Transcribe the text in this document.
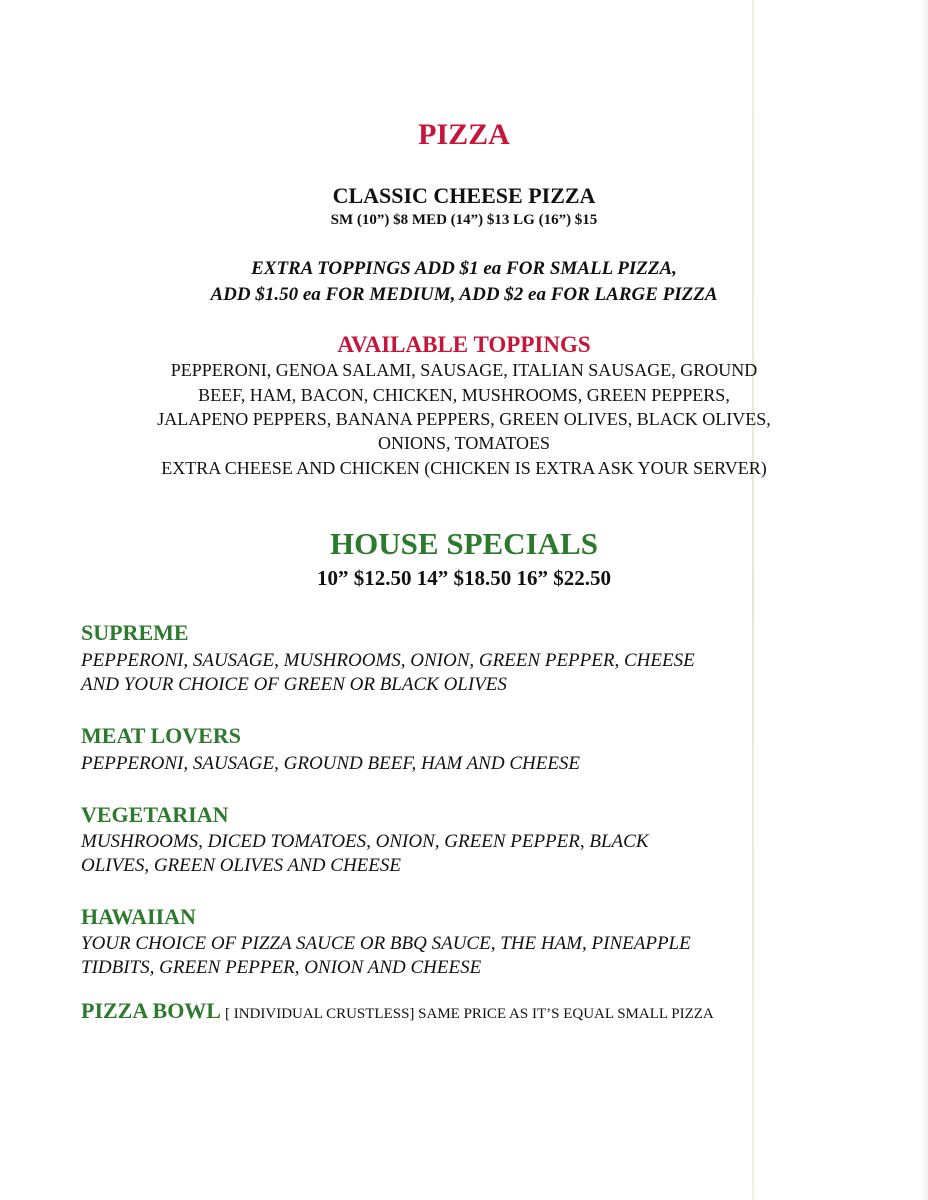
PIZZA

CLASSIC CHEESE PIZZA

SM (10”) $8 MED (14”) $13 LG (16”) $15

EXTRA TOPPINGS ADD $1 ea FOR SMALL PIZZA,

ADD $1.50 ea FOR MEDIUM, ADD $2 ea FOR LARGE PIZZA

AVAILABLE TOPPINGS

PEPPERONI, GENOA SALAMI, SAUSAGE, ITALIAN SAUSAGE, GROUND

BEEF, HAM, BACON, CHICKEN, MUSHROOMS, GREEN PEPPERS,

JALAPENO PEPPERS, BANANA PEPPERS, GREEN OLIVES, BLACK OLIVES,

ONIONS, TOMATOES

EXTRA CHEESE AND CHICKEN (CHICKEN IS EXTRA ASK YOUR SERVER)

HOUSE SPECIALS

10” $12.50 14” $18.50 16” $22.50

SUPREME

PEPPERONI, SAUSAGE, MUSHROOMS, ONION, GREEN PEPPER, CHEESE

AND YOUR CHOICE OF GREEN OR BLACK OLIVES

MEAT LOVERS

PEPPERONI, SAUSAGE, GROUND BEEF, HAM AND CHEESE

VEGETARIAN

MUSHROOMS, DICED TOMATOES, ONION, GREEN PEPPER, BLACK

OLIVES, GREEN OLIVES AND CHEESE

HAWAIIAN

YOUR CHOICE OF PIZZA SAUCE OR BBQ SAUCE, THE HAM, PINEAPPLE

TIDBITS, GREEN PEPPER, ONION AND CHEESE

PIZZA BOWL [ INDIVIDUAL CRUSTLESS] SAME PRICE AS IT’S EQUAL SMALL PIZZA
